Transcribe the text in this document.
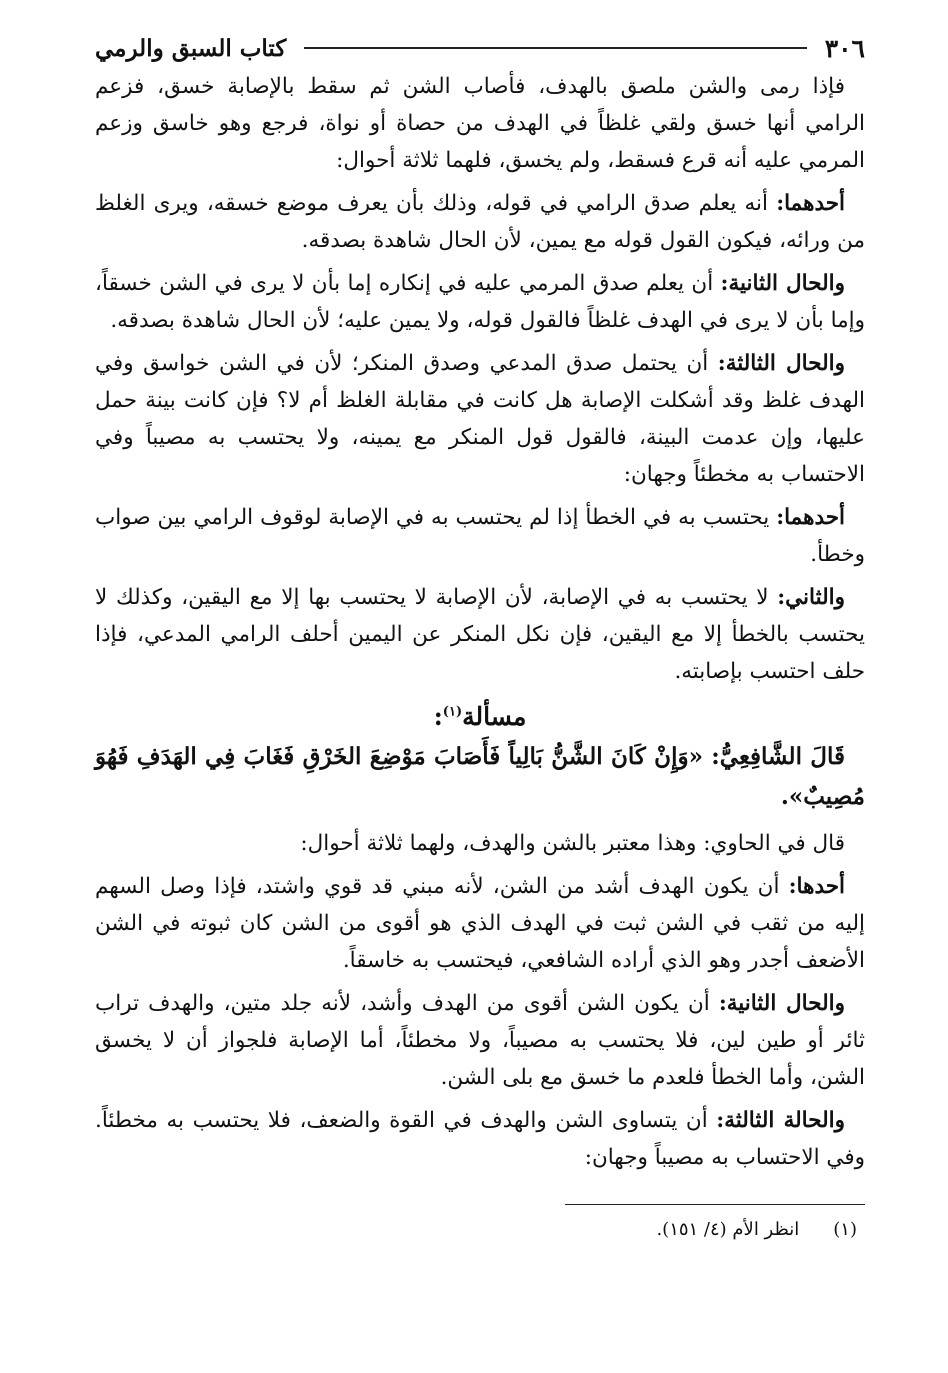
٣٠٦
كتاب السبق والرمي

فإذا رمى والشن ملصق بالهدف، فأصاب الشن ثم سقط بالإصابة خسق، فزعم الرامي أنها خسق ولقي غلظاً في الهدف من حصاة أو نواة، فرجع وهو خاسق وزعم المرمي عليه أنه قرع فسقط، ولم يخسق، فلهما ثلاثة أحوال:

أحدهما: أنه يعلم صدق الرامي في قوله، وذلك بأن يعرف موضع خسقه، ويرى الغلظ من ورائه، فيكون القول قوله مع يمين، لأن الحال شاهدة بصدقه.

والحال الثانية: أن يعلم صدق المرمي عليه في إنكاره إما بأن لا يرى في الشن خسقاً، وإما بأن لا يرى في الهدف غلظاً فالقول قوله، ولا يمين عليه؛ لأن الحال شاهدة بصدقه.

والحال الثالثة: أن يحتمل صدق المدعي وصدق المنكر؛ لأن في الشن خواسق وفي الهدف غلظ وقد أشكلت الإصابة هل كانت في مقابلة الغلظ أم لا؟ فإن كانت بينة حمل عليها، وإن عدمت البينة، فالقول قول المنكر مع يمينه، ولا يحتسب به مصيباً وفي الاحتساب به مخطئاً وجهان:

أحدهما: يحتسب به في الخطأ إذا لم يحتسب به في الإصابة لوقوف الرامي بين صواب وخطأ.

والثاني: لا يحتسب به في الإصابة، لأن الإصابة لا يحتسب بها إلا مع اليقين، وكذلك لا يحتسب بالخطأ إلا مع اليقين، فإن نكل المنكر عن اليمين أحلف الرامي المدعي، فإذا حلف احتسب بإصابته.

مسألة$^{(١)}$:

قَالَ الشَّافِعِيُّ: «وَإِنْ كَانَ الشَّنُّ بَالِياً فَأَصَابَ مَوْضِعَ الخَرْقِ فَغَابَ فِي الهَدَفِ فَهُوَ مُصِيبٌ».

قال في الحاوي: وهذا معتبر بالشن والهدف، ولهما ثلاثة أحوال:

أحدها: أن يكون الهدف أشد من الشن، لأنه مبني قد قوي واشتد، فإذا وصل السهم إليه من ثقب في الشن ثبت في الهدف الذي هو أقوى من الشن كان ثبوته في الشن الأضعف أجدر وهو الذي أراده الشافعي، فيحتسب به خاسقاً.

والحال الثانية: أن يكون الشن أقوى من الهدف وأشد، لأنه جلد متين، والهدف تراب ثائر أو طين لين، فلا يحتسب به مصيباً، ولا مخطئاً، أما الإصابة فلجواز أن لا يخسق الشن، وأما الخطأ فلعدم ما خسق مع بلى الشن.

والحالة الثالثة: أن يتساوى الشن والهدف في القوة والضعف، فلا يحتسب به مخطئاً. وفي الاحتساب به مصيباً وجهان:

(١)
انظر الأم (٤/ ١٥١).
